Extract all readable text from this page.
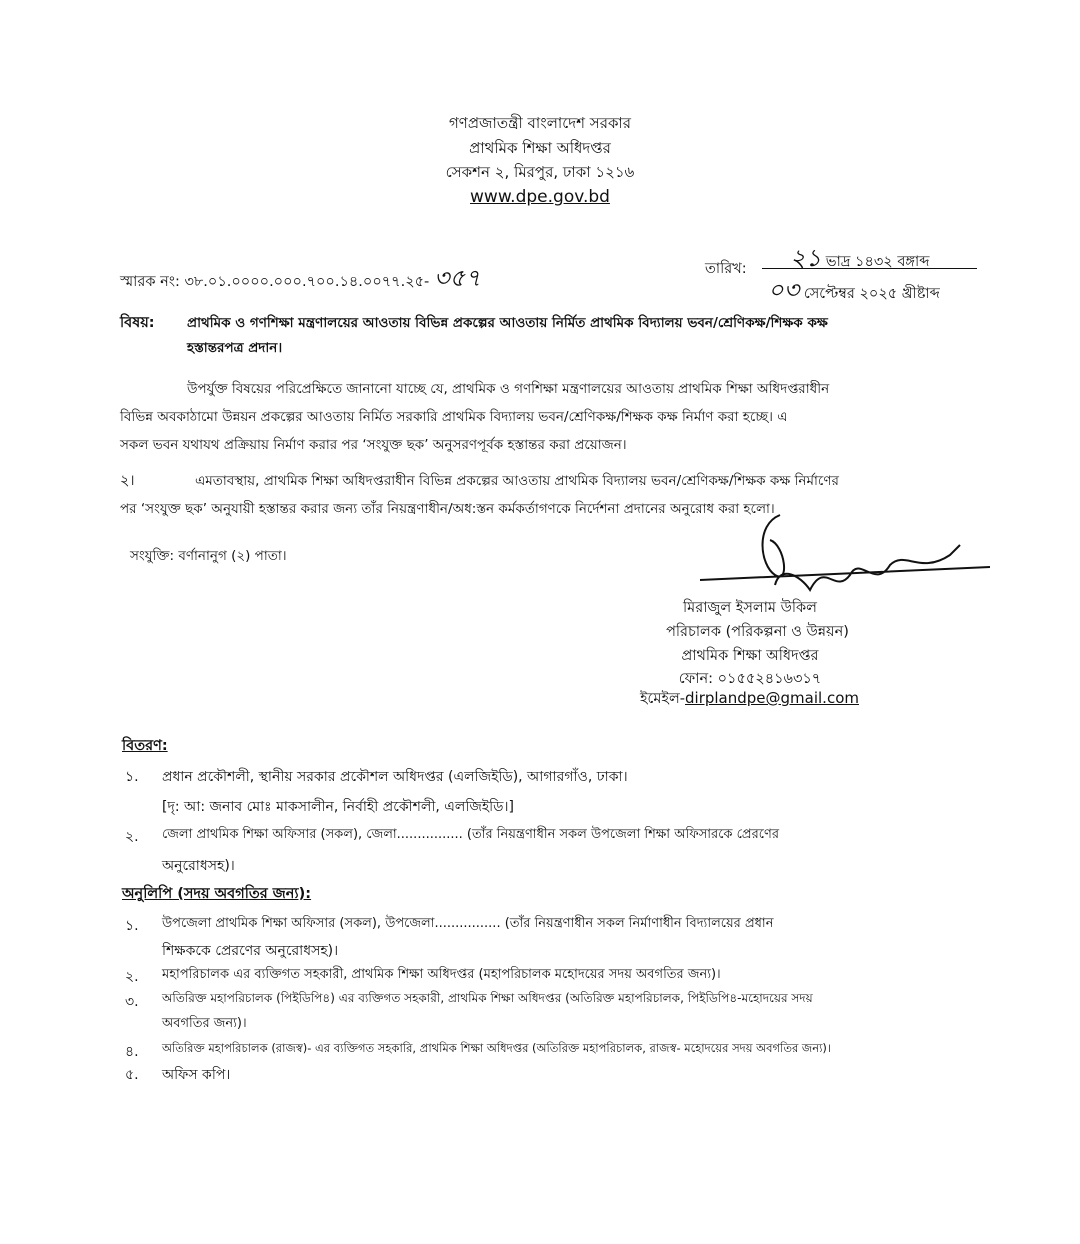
গণপ্রজাতন্ত্রী বাংলাদেশ সরকার
প্রাথমিক শিক্ষা অধিদপ্তর
সেকশন ২, মিরপুর, ঢাকা ১২১৬
www.dpe.gov.bd
স্মারক নং: ৩৮.০১.০০০০.০০০.৭০০.১৪.০০৭৭.২৫- ৩৫৭	তারিখ: ২১ ভাদ্র ১৪৩২ বঙ্গাব্দ
০৩ সেপ্টেম্বর ২০২৫ খ্রীষ্টাব্দ
বিষয়: প্রাথমিক ও গণশিক্ষা মন্ত্রণালয়ের আওতায় বিভিন্ন প্রকল্পের আওতায় নির্মিত প্রাথমিক বিদ্যালয় ভবন/শ্রেণিকক্ষ/শিক্ষক কক্ষ
হস্তান্তরপত্র প্রদান।
উপর্যুক্ত বিষয়ের পরিপ্রেক্ষিতে জানানো যাচ্ছে যে, প্রাথমিক ও গণশিক্ষা মন্ত্রণালয়ের আওতায় প্রাথমিক শিক্ষা অধিদপ্তরাধীন
বিভিন্ন অবকাঠামো উন্নয়ন প্রকল্পের আওতায় নির্মিত সরকারি প্রাথমিক বিদ্যালয় ভবন/শ্রেণিকক্ষ/শিক্ষক কক্ষ নির্মাণ করা হচ্ছে। এ
সকল ভবন যথাযথ প্রক্রিয়ায় নির্মাণ করার পর ‘সংযুক্ত ছক’ অনুসরণপূর্বক হস্তান্তর করা প্রয়োজন।
২।	এমতাবস্থায়, প্রাথমিক শিক্ষা অধিদপ্তরাধীন বিভিন্ন প্রকল্পের আওতায় প্রাথমিক বিদ্যালয় ভবন/শ্রেণিকক্ষ/শিক্ষক কক্ষ নির্মাণের
পর ‘সংযুক্ত ছক’ অনুযায়ী হস্তান্তর করার জন্য তাঁর নিয়ন্ত্রণাধীন/অধ:স্তন কর্মকর্তাগণকে নির্দেশনা প্রদানের অনুরোধ করা হলো।
সংযুক্তি: বর্ণানানুগ (২) পাতা।
মিরাজুল ইসলাম উকিল
পরিচালক (পরিকল্পনা ও উন্নয়ন)
প্রাথমিক শিক্ষা অধিদপ্তর
ফোন: ০১৫৫২৪১৬৩১৭
ইমেইল-dirplandpe@gmail.com
বিতরণ:
১. প্রধান প্রকৌশলী, স্থানীয় সরকার প্রকৌশল অধিদপ্তর (এলজিইডি), আগারগাঁও, ঢাকা।
[দৃ: আ: জনাব মোঃ মাকসালীন, নির্বাহী প্রকৌশলী, এলজিইডি।]
২. জেলা প্রাথমিক শিক্ষা অফিসার (সকল), জেলা................ (তাঁর নিয়ন্ত্রণাধীন সকল উপজেলা শিক্ষা অফিসারকে প্রেরণের
অনুরোধসহ)।
অনুলিপি (সদয় অবগতির জন্য):
১. উপজেলা প্রাথমিক শিক্ষা অফিসার (সকল), উপজেলা................ (তাঁর নিয়ন্ত্রণাধীন সকল নির্মাণাধীন বিদ্যালয়ের প্রধান
শিক্ষককে প্রেরণের অনুরোধসহ)।
২. মহাপরিচালক এর ব্যক্তিগত সহকারী, প্রাথমিক শিক্ষা অধিদপ্তর (মহাপরিচালক মহোদয়ের সদয় অবগতির জন্য)।
৩. অতিরিক্ত মহাপরিচালক (পিইডিপি৪) এর ব্যক্তিগত সহকারী, প্রাথমিক শিক্ষা অধিদপ্তর (অতিরিক্ত মহাপরিচালক, পিইডিপি৪-মহোদয়ের সদয়
অবগতির জন্য)।
৪. অতিরিক্ত মহাপরিচালক (রাজস্ব)- এর ব্যক্তিগত সহকারি, প্রাথমিক শিক্ষা অধিদপ্তর (অতিরিক্ত মহাপরিচালক, রাজস্ব- মহোদয়ের সদয় অবগতির জন্য)।
৫. অফিস কপি।
